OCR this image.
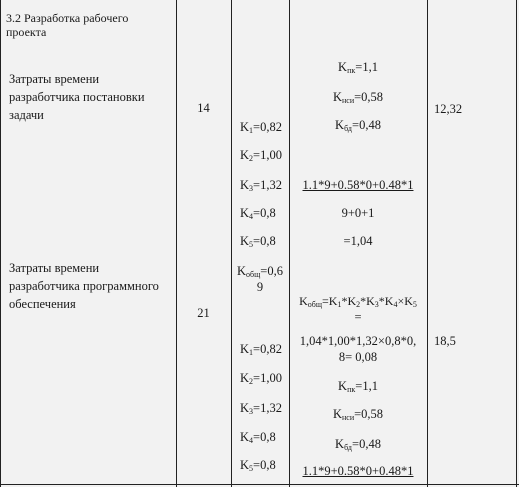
3.2 Разработка рабочего
проекта
Затраты времени
разработчика постановки
задачи	14	12,32
Затраты времени
разработчика программного
обеспечения
21
18,5
$K_1=0,82$
$K_2=1,00$
$K_3=1,32$
$K_4=0,8$
$K_5=0,8$
$K_{общ}=0,6$
9
$K_1=0,82$
$K_2=1,00$
$K_3=1,32$
$K_4=0,8$
$K_5=0,8$
$K_{пк}=1,1$
$K_{нси}=0,58$
$K_{бд}=0,48$
1.1*9+0.58*0+0.48*1
9+0+1
=1,04
$K_{общ}=K_1*K_2*K_3*K_4\times K_5$
=
1,04*1,00*1,32×0,8*0,
8= 0,08
$K_{пк}=1,1$
$K_{нси}=0,58$
$K_{бд}=0,48$
1.1*9+0.58*0+0.48*1
